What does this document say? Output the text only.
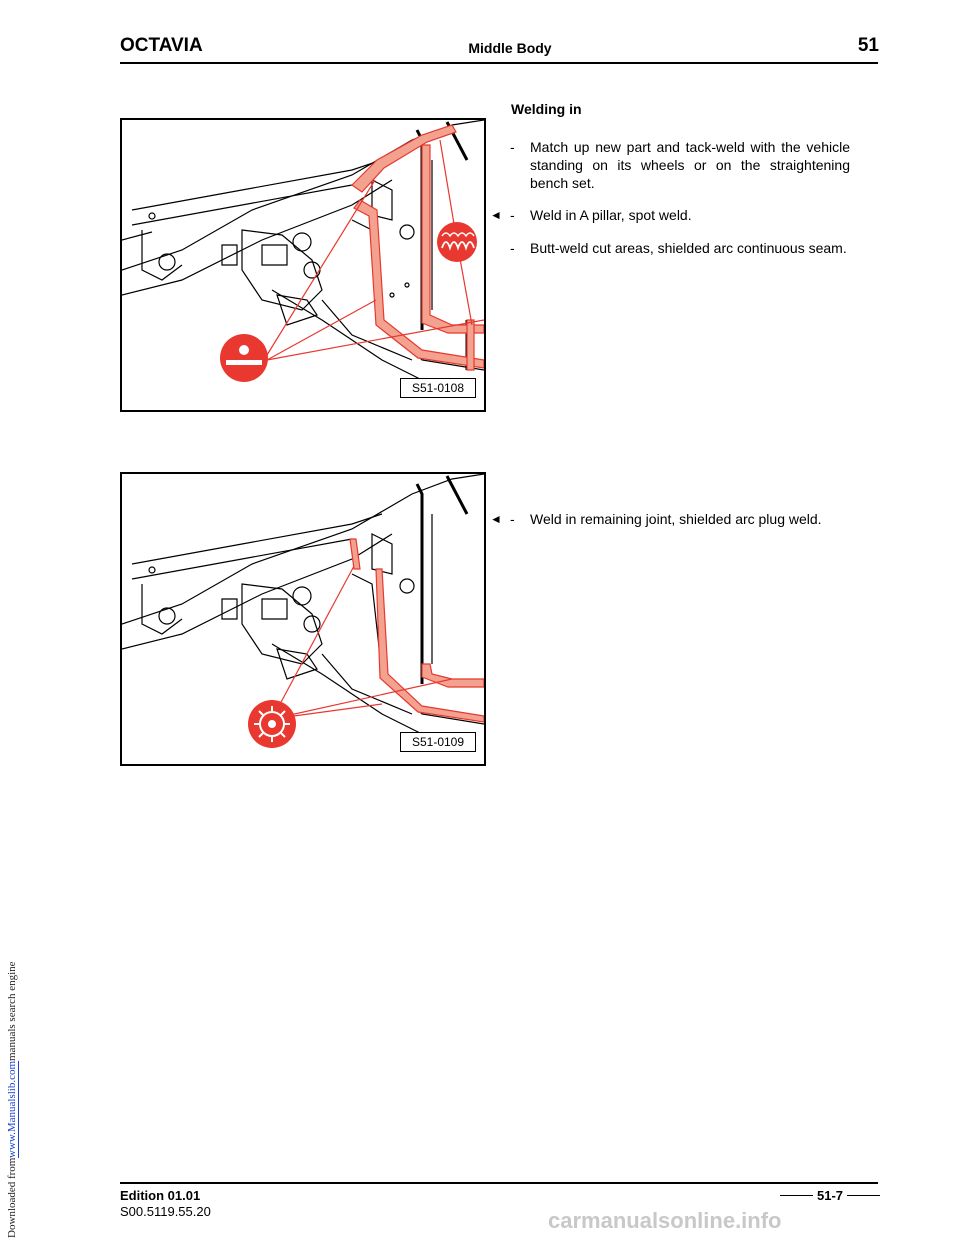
Downloaded from
www.Manualslib.com
manuals search engine
OCTAVIA	Middle Body	51
S51-0108
S51-0109
Welding in
- Match up new part and tack-weld with the vehicle standing on its wheels or on the straightening bench set.
◄ - Weld in A pillar, spot weld.
- Butt-weld cut areas, shielded arc continuous seam.
◄ - Weld in remaining joint, shielded arc plug weld.
Edition 01.01
S00.5119.55.20
51-7
carmanualsonline.info
